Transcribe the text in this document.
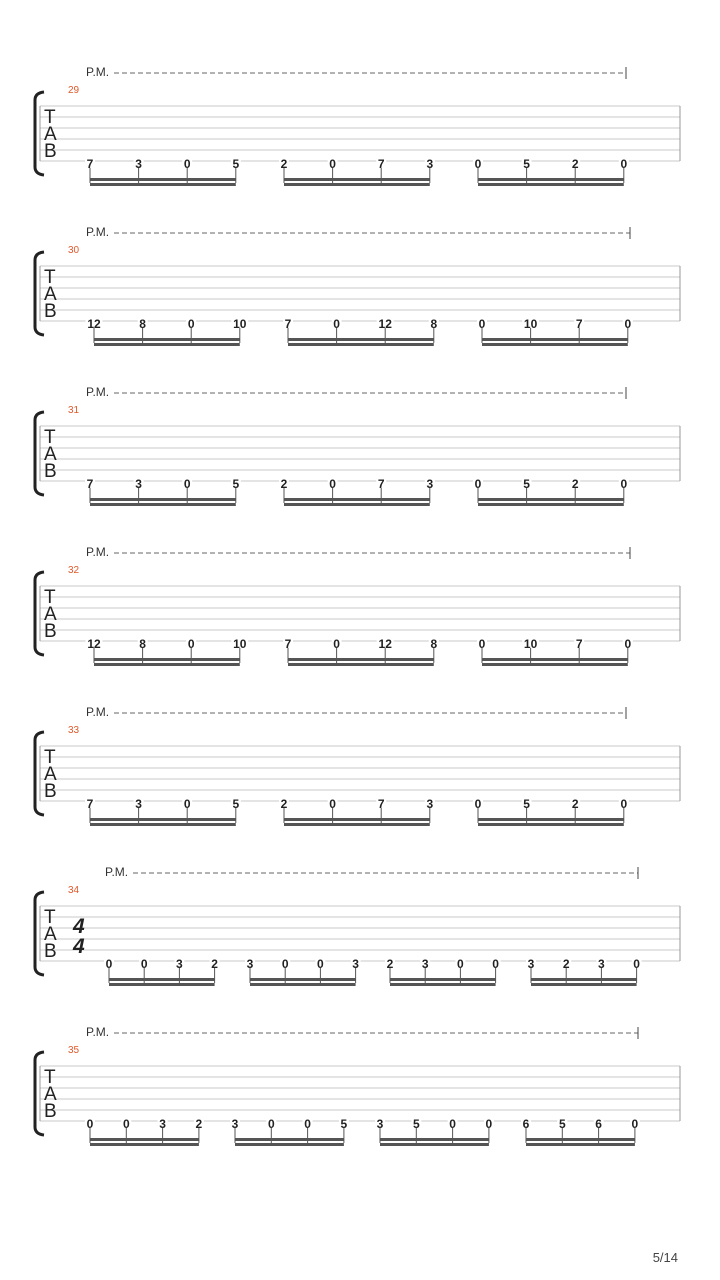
P.M.
29
T
A
B
7	3	0	5	2	0	7	3	0	5	2	0
P.M.
30
T
A
B
12	8	0	10	7	0	12	8	0	10	7	0
P.M.
31
T
A
B
7	3	0	5	2	0	7	3	0	5	2	0
P.M.
32
T
A
B
12	8	0	10	7	0	12	8	0	10	7	0
P.M.
33
T
A
B
7	3	0	5	2	0	7	3	0	5	2	0
P.M.
34
T
A
B
4
4
0 0 3 2 3 0 0 3 2 3 0 0 3 2 3 0
P.M.
35
T
A
B
0 0 3 2 3 0 0 5 3 5 0 0	6 5 6 0
5/14
